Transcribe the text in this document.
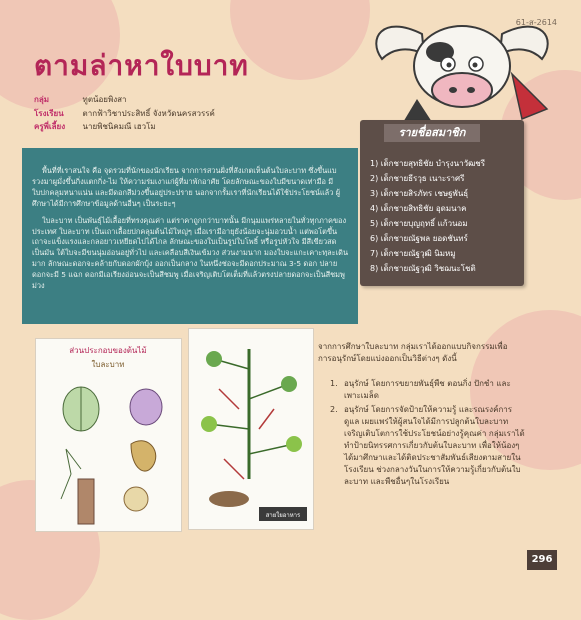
61-ส-2614
ตามล่าหาใบบาท
กลุ่ม	ทูตน้อยพิงสา
โรงเรียน ตากฟ้าวิชาประสิทธิ์ จังหวัดนครสวรรค์
ครูพี่เลี้ยง นายพิชนิคมณี เฮวโม	รายชื่อสมาชิก
1) เด็กชายสุทธิชัย บำรุงนาวัฒชรี
2) เด็กชายธีรวุธ เนาะราศรี
3) เด็กชายสิรภัทร เชษฐพันธุ์
4) เด็กชายสิทธิชัย อุดมนาค
5) เด็กชายบุญฤทธิ์ แก้วนอม
6) เด็กชายณัฐพล ยอดชันทร์
7) เด็กชายณัฐวุฒิ นิมหมู
8) เด็กชายณัฐวุฒิ วิชฌนะโชติ

พื้นที่ที่เราสนใจ คือ จุดรวมที่นักของนักเรียน จากการสวนฝั่งที่สังเกตเห็นต้นใบละบาท ซึ่งขึ้นแบรวงมาผูมั่งขึ้นกิ่งแตกกิ่ง-ไม ให้ความร่มเงาแก่ผู้ที่มาพักอาศัย โดยลักษณะของใบมีขนาดเท่ามือ มีใบปกคลุมหนาแน่น และมีดอกสีม่วงขึ้นอยู่ประปราย นอกจากรั้มเราที่นักเรียนได้ใช้ประโยชน์แล้ว ผู้ศึกษาได้มีการศึกษาข้อมูลด้านอื่นๆ เป็นระยะๆ

ใบละบาท เป็นพันธุ์ไม้เลื้อยที่ทรงคุณค่า แต่ราคาถูกกว่าบาทนั้น มีกนุมแพร่หลายในทั่วทุกภาคของประเทศ ใบละบาท เป็นเถาเลื้อยปกคลุมต้นไม้ใหญ่ๆ เมื่อเรามีอายุยังน้อยจะนุ่มอวบน้ำ แต่พอโตขึ้น เถาจะแข็งแรงและกลอยาวเหยียดไปได้ไกล ลักษณะของใบเป็นรูปใบโพธิ์ หรือรูปหัวใจ มีสีเขียวสดเป็นมัน ใต้ใบจะมีขนนุ่มอ่อนอยู่ทั่วไป และเคลือบสีเงินเข้มวง ส่วนงามนาก มองใบจะแกะเคาะทฺละเดินมาก ลักษณะดอกจะคล้ายกับดอกผักบุ้ง ออกเป็นกลาง ในหนึ่งช่อจะมีดอกประมาณ 3-5 ดอก ปลายดอกจะมี 5 แฉก ดอกมีเอเรียงอ่อนจะเป็นสีชมพู เมื่อเจริญเติบโตเต็มที่แล้วตรงปลายดอกจะเป็นสีชมพูม่วง

ส่วนประกอบของต้นไม้
ใบละบาท
สายใยอาหาร
จากการศึกษาใบละบาท กลุ่มเราได้ออกแบบกิจกรรมเพื่อการอนุรักษ์โดยแบ่งออกเป็นวิธีต่างๆ ดังนี้
1. อนุรักษ์ โดยการขยายพันธุ์พืช ตอนกิ่ง ปักชำ และเพาะเมล็ด
2. อนุรักษ์ โดยการจัดป้ายให้ความรู้ และรณรงค์การดูแล เผยแพร่ให้ผู้สนใจได้มีการปลูกต้นใบละบาท เจริญเติบโตการใช้ประโยชน์อย่างรู้คุณค่า กลุ่มเราได้ทำป้ายนิทรรศการเกี่ยวกับต้นใบละบาท เพื่อให้น้องๆได้มาศึกษาและได้ติดประชาสัมพันธ์เสียงตามสายในโรงเรียน ช่วงกลางวันในการให้ความรู้เกี่ยวกับต้นใบละบาท และพืชอื่นๆในโรงเรียน
296
